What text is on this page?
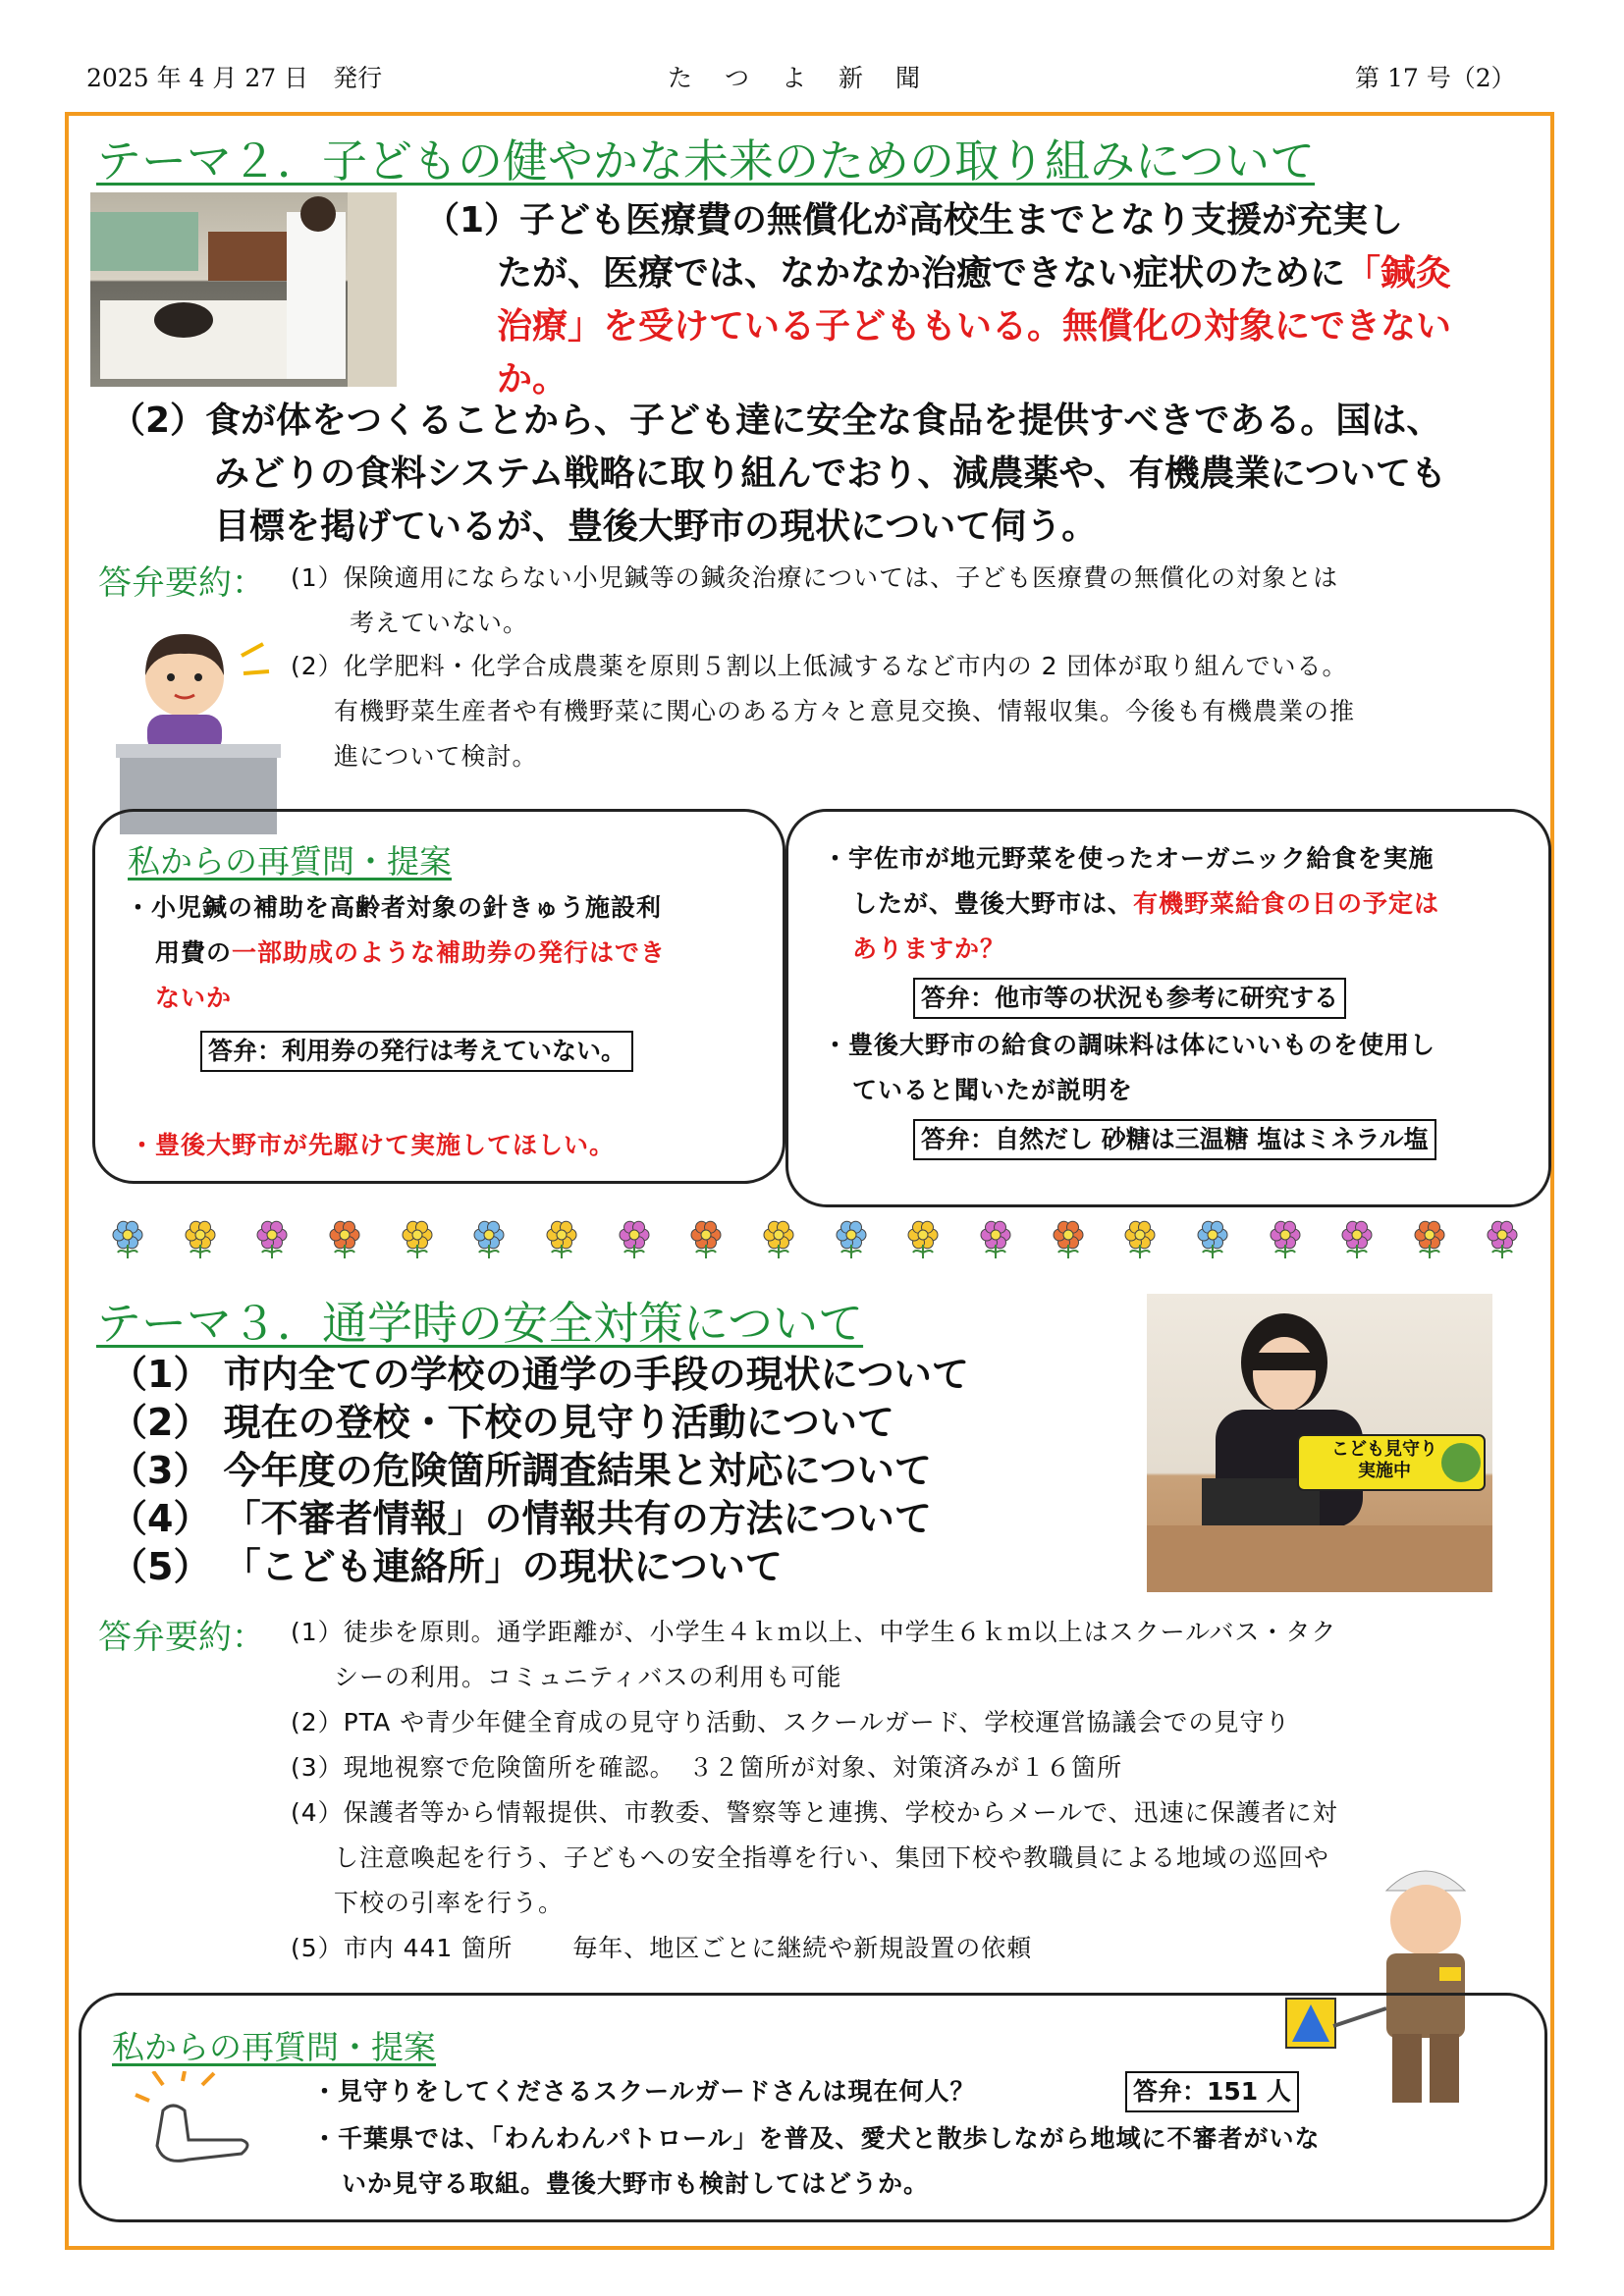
2025 年 4 月 27 日　発行	た　つ　よ　新　聞	第 17 号（2）
テーマ２．子どもの健やかな未来のための取り組みについて
（1）子ども医療費の無償化が高校生までとなり支援が充実し
たが、医療では、なかなか治癒できない症状のために「鍼灸
治療」を受けている子どももいる。無償化の対象にできない
か。
（2）食が体をつくることから、子ども達に安全な食品を提供すべきである。国は、
みどりの食料システム戦略に取り組んでおり、減農薬や、有機農業についても
目標を掲げているが、豊後大野市の現状について伺う。
答弁要約： (1）保険適用にならない小児鍼等の鍼灸治療については、子ども医療費の無償化の対象とは
考えていない。
(2）化学肥料・化学合成農薬を原則５割以上低減するなど市内の 2 団体が取り組んでいる。
有機野菜生産者や有機野菜に関心のある方々と意見交換、情報収集。今後も有機農業の推
進について検討。
私からの再質問・提案
・小児鍼の補助を高齢者対象の針きゅう施設利
用費の一部助成のような補助券の発行はでき
ないか
答弁：利用券の発行は考えていない。
・豊後大野市が先駆けて実施してほしい。
・宇佐市が地元野菜を使ったオーガニック給食を実施
したが、豊後大野市は、有機野菜給食の日の予定は
ありますか？
答弁：他市等の状況も参考に研究する
・豊後大野市の給食の調味料は体にいいものを使用し
ていると聞いたが説明を
答弁：自然だし 砂糖は三温糖 塩はミネラル塩
テーマ３．通学時の安全対策について
（1） 市内全ての学校の通学の手段の現状について
（2） 現在の登校・下校の見守り活動について
（3） 今年度の危険箇所調査結果と対応について
（4） 「不審者情報」の情報共有の方法について
（5） 「こども連絡所」の現状について
こども見守り
実施中
答弁要約： (1）徒歩を原則。通学距離が、小学生４ｋｍ以上、中学生６ｋｍ以上はスクールバス・タク
シーの利用。コミュニティバスの利用も可能
(2）PTA や青少年健全育成の見守り活動、スクールガード、学校運営協議会での見守り
(3）現地視察で危険箇所を確認。　３２箇所が対象、対策済みが１６箇所
(4）保護者等から情報提供、市教委、警察等と連携、学校からメールで、迅速に保護者に対
し注意喚起を行う、子どもへの安全指導を行い、集団下校や教職員による地域の巡回や
下校の引率を行う。
(5）市内 441 箇所　　 毎年、地区ごとに継続や新規設置の依頼
私からの再質問・提案
・見守りをしてくださるスクールガードさんは現在何人？	答弁：151 人
・千葉県では、「わんわんパトロール」を普及、愛犬と散歩しながら地域に不審者がいな
いか見守る取組。豊後大野市も検討してはどうか。
